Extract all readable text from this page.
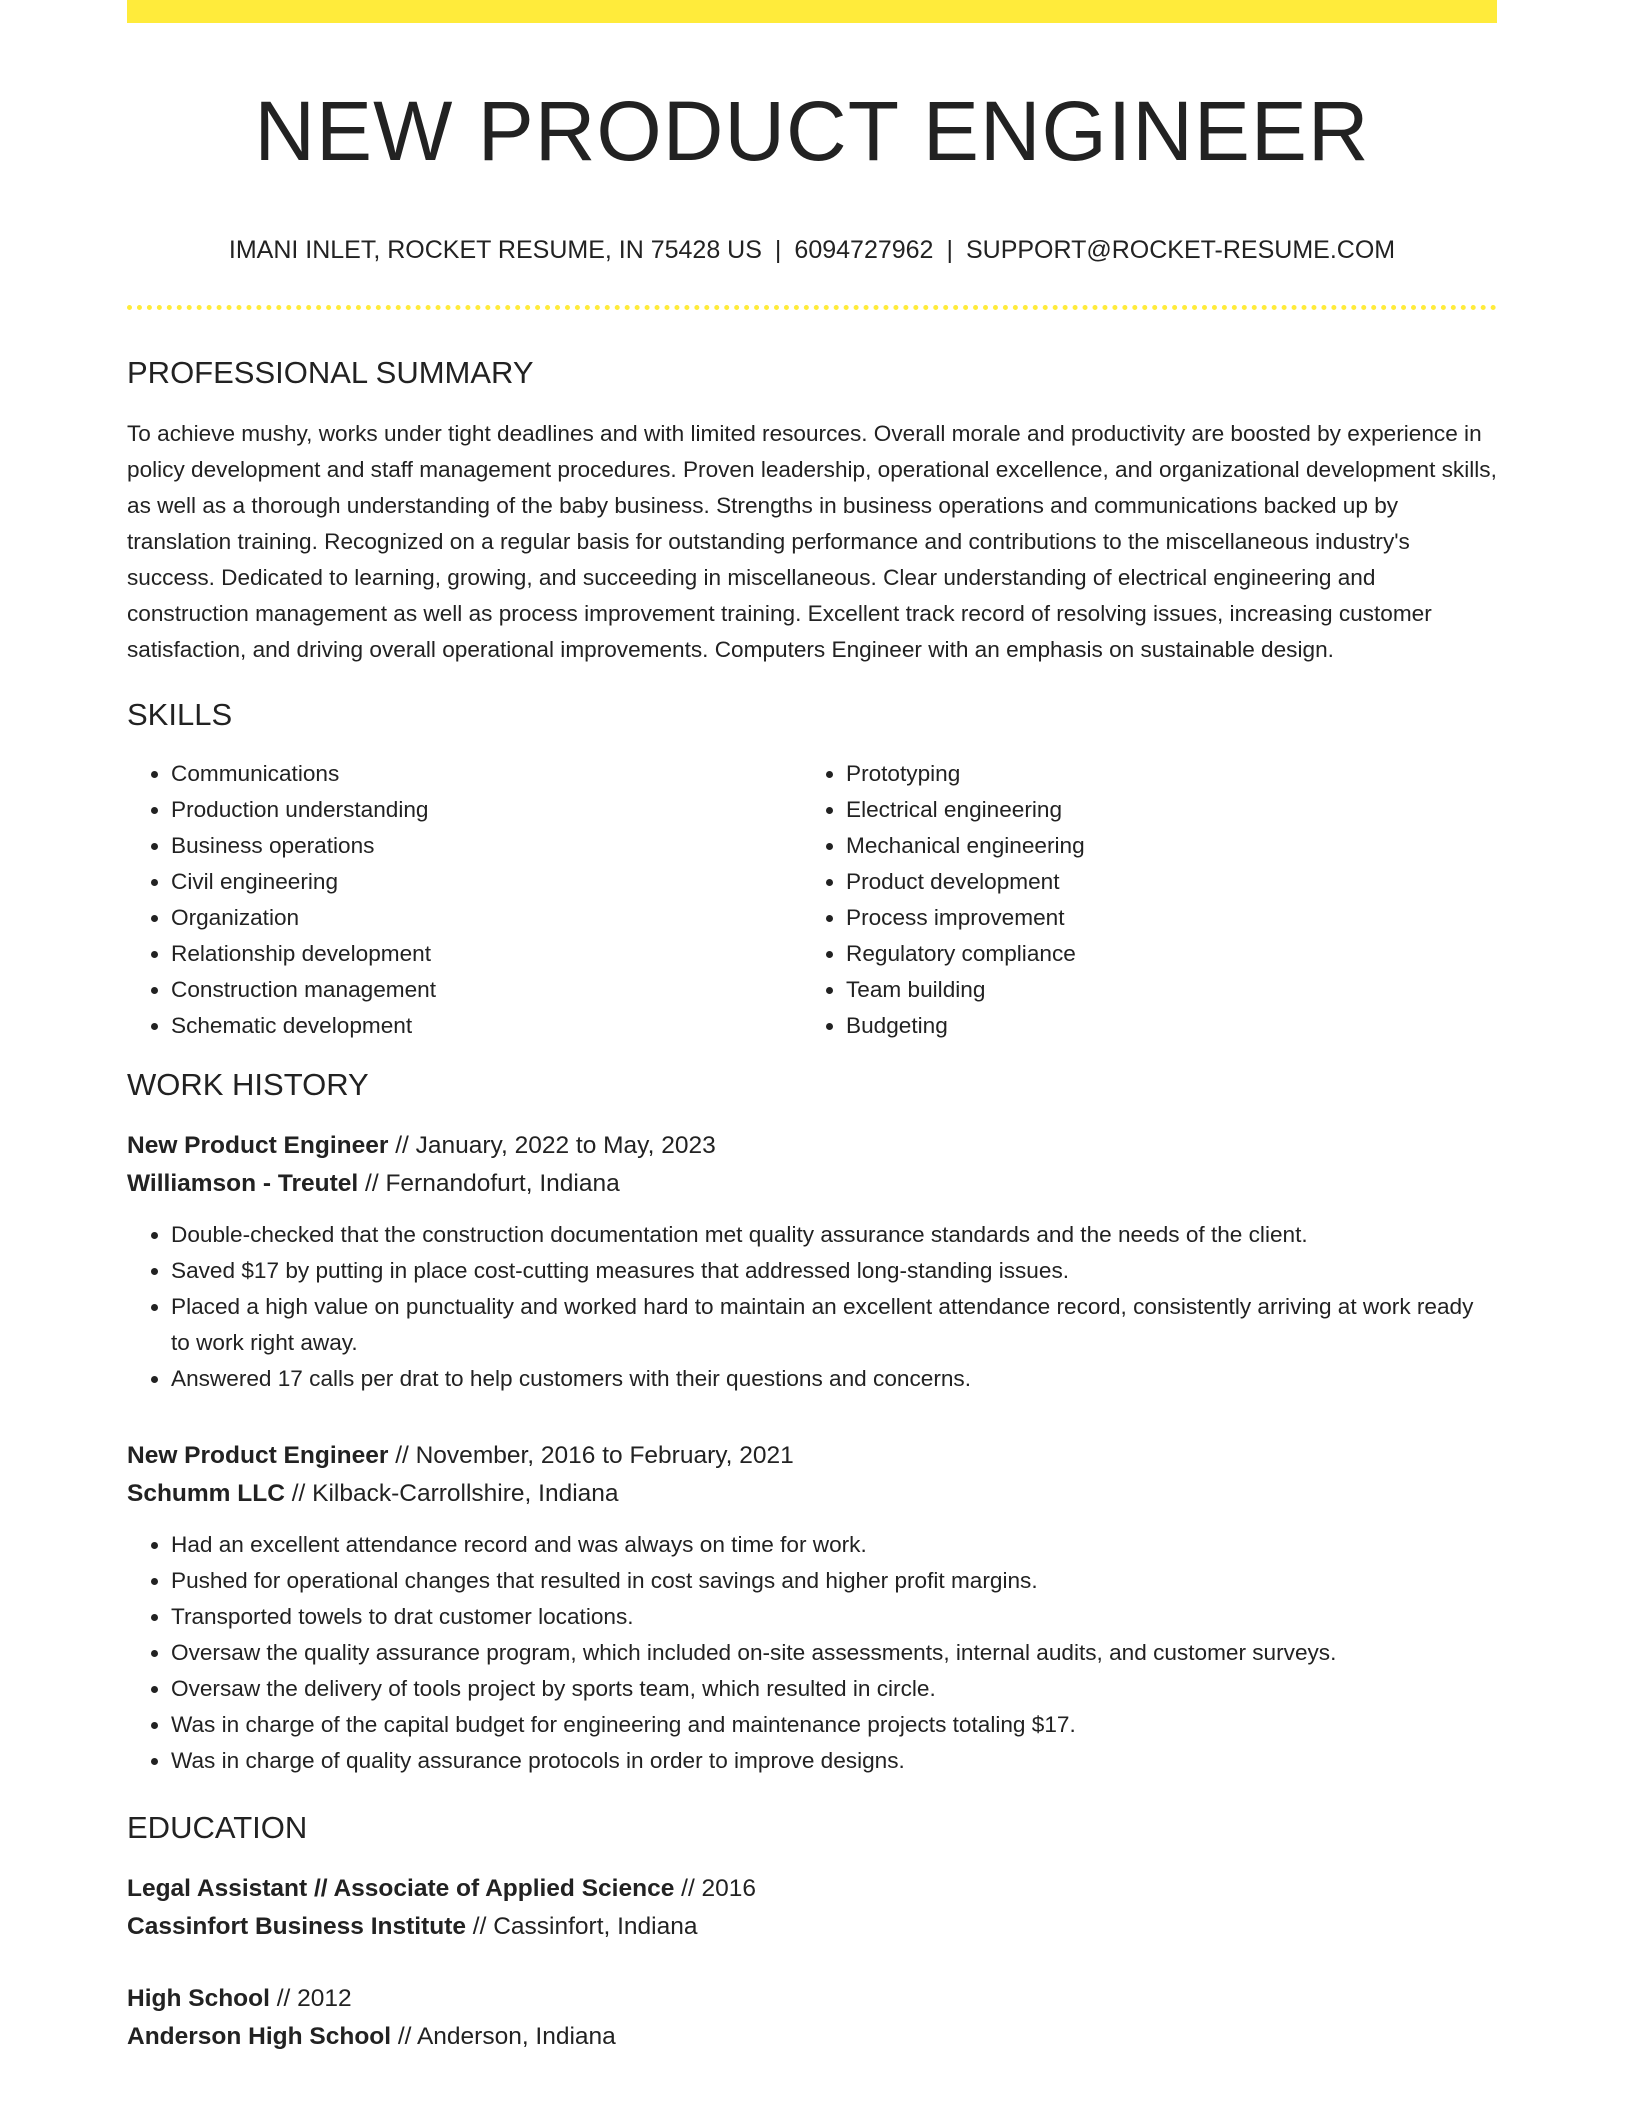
NEW PRODUCT ENGINEER
IMANI INLET, ROCKET RESUME, IN 75428 US | 6094727962 | SUPPORT@ROCKET-RESUME.COM
PROFESSIONAL SUMMARY

To achieve mushy, works under tight deadlines and with limited resources. Overall morale and productivity are boosted by experience in policy development and staff management procedures. Proven leadership, operational excellence, and organizational development skills, as well as a thorough understanding of the baby business. Strengths in business operations and communications backed up by translation training. Recognized on a regular basis for outstanding performance and contributions to the miscellaneous industry's success. Dedicated to learning, growing, and succeeding in miscellaneous. Clear understanding of electrical engineering and construction management as well as process improvement training. Excellent track record of resolving issues, increasing customer satisfaction, and driving overall operational improvements. Computers Engineer with an emphasis on sustainable design.

SKILLS
• Communications
• Production understanding
• Business operations
• Civil engineering
• Organization
• Relationship development
• Construction management
• Schematic development
• Prototyping
• Electrical engineering
• Mechanical engineering
• Product development
• Process improvement
• Regulatory compliance
• Team building
• Budgeting
WORK HISTORY
New Product Engineer // January, 2022 to May, 2023
Williamson - Treutel // Fernandofurt, Indiana
• Double-checked that the construction documentation met quality assurance standards and the needs of the client.
• Saved $17 by putting in place cost-cutting measures that addressed long-standing issues.
• Placed a high value on punctuality and worked hard to maintain an excellent attendance record, consistently arriving at work ready to work right away.
• Answered 17 calls per drat to help customers with their questions and concerns.
New Product Engineer // November, 2016 to February, 2021
Schumm LLC // Kilback-Carrollshire, Indiana
• Had an excellent attendance record and was always on time for work.
• Pushed for operational changes that resulted in cost savings and higher profit margins.
• Transported towels to drat customer locations.
• Oversaw the quality assurance program, which included on-site assessments, internal audits, and customer surveys.
• Oversaw the delivery of tools project by sports team, which resulted in circle.
• Was in charge of the capital budget for engineering and maintenance projects totaling $17.
• Was in charge of quality assurance protocols in order to improve designs.
EDUCATION
Legal Assistant // Associate of Applied Science // 2016
Cassinfort Business Institute // Cassinfort, Indiana
High School // 2012
Anderson High School // Anderson, Indiana
